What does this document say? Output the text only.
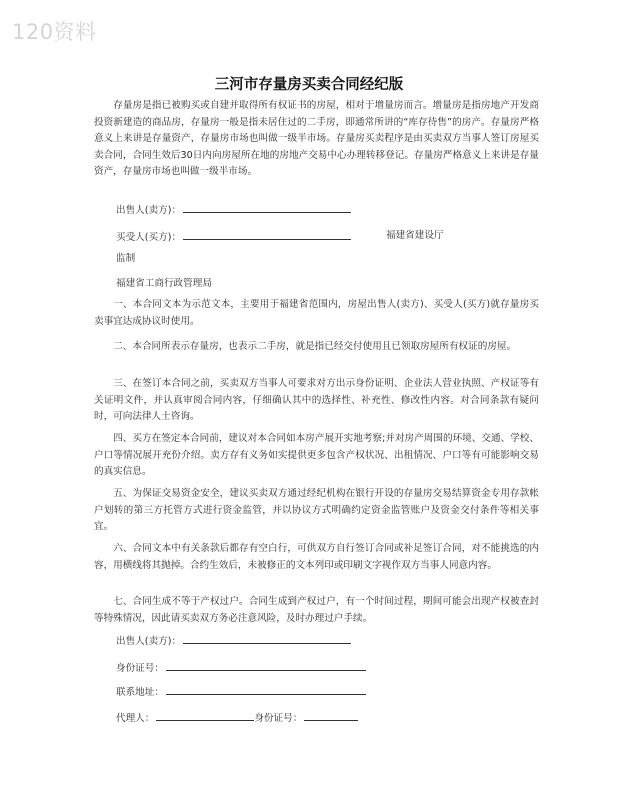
120资料
三河市存量房买卖合同经纪版
存量房是指已被购买或自建并取得所有权证书的房屋，相对于增量房而言。增量房是指房地产开发商投资新建造的商品房，存量房一般是指未居住过的二手房，即通常所讲的“库存待售”的房产。存量房严格意义上来讲是存量资产，存量房市场也叫做一级半市场。存量房买卖程序是由买卖双方当事人签订房屋买卖合同，合同生效后30日内向房屋所在地的房地产交易中心办理转移登记。存量房严格意义上来讲是存量资产，存量房市场也叫做一级半市场。
出售人(卖方)：
买受人(买方)：	福建省建设厅
监制
福建省工商行政管理局
一、本合同文本为示范文本，主要用于福建省范围内，房屋出售人(卖方)、买受人(买方)就存量房买卖事宜达成协议时使用。
二、本合同所表示存量房，也表示二手房，就是指已经交付使用且已领取房屋所有权证的房屋。
三、在签订本合同之前，买卖双方当事人可要求对方出示身份证明、企业法人营业执照、产权证等有关证明文件，并认真审阅合同内容，仔细确认其中的选择性、补充性、修改性内容。对合同条款有疑问时，可向法律人士咨询。
四、买方在签定本合同前，建议对本合同如本房产展开实地考察;并对房产周围的环境、交通、学校、户口等情况展开充份介绍。卖方存有义务如实提供更多包含产权状况、出租情况、户口等有可能影响交易的真实信息。
五、为保证交易资金安全，建议买卖双方通过经纪机构在银行开设的存量房交易结算资金专用存款帐户划转的第三方托管方式进行资金监管，并以协议方式明确约定资金监管账户及资金交付条件等相关事宜。
六、合同文本中有关条款后都存有空白行，可供双方自行签订合同或补足签订合同，对不能挑选的内容，用横线将其抛掉。合约生效后，未被修正的文本列印或印刷文字视作双方当事人同意内容。
七、合同生成不等于产权过户。合同生成到产权过户，有一个时间过程，期间可能会出现产权被查封等特殊情况，因此请买卖双方务必注意风险，及时办理过户手续。
出售人(卖方)：
身份证号：
联系地址：
代理人：	身份证号：
